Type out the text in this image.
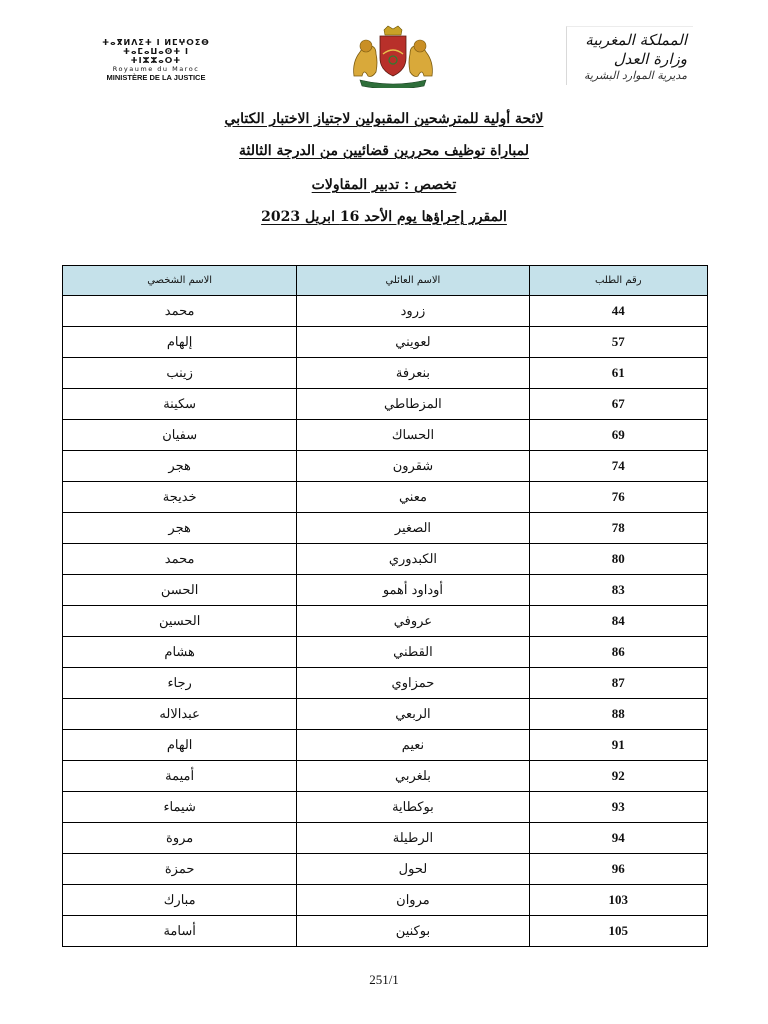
ⵜⴰⴳⵍⴷⵉⵜ ⵏ ⵍⵎⵖⵔⵉⴱ
ⵜⴰⵎⴰⵡⴰⵙⵜ ⵏ ⵜⵏⵣⵣⴰⵔⵜ
Royaume du Maroc
MINISTÈRE DE LA JUSTICE
المملكة المغربية
وزارة العدل
مديرية الموارد البشرية
لائحة أولية للمترشحين المقبولين لاجتياز الاختبار الكتابي
لمباراة توظيف محررين قضائيين من الدرجة الثالثة
تخصص : تدبير المقاولات
المقرر إجراؤها يوم الأحد 16 ابريل 2023
رقم الطلب	الاسم العائلي	الاسم الشخصي
44	زرود	محمد
57	لعويني	إلهام
61	بنعرفة	زينب
67	المزطاطي	سكينة
69	الحساك	سفيان
74	شقرون	هجر
76	معني	خديجة
78	الصغير	هجر
80	الكبدوري	محمد
83	أوداود أهمو	الحسن
84	عروفي	الحسين
86	القطني	هشام
87	حمزاوي	رجاء
88	الربعي	عبدالاله
91	نعيم	الهام
92	بلغربي	أميمة
93	بوكطاية	شيماء
94	الرطيلة	مروة
96	لحول	حمزة
103	مروان	مبارك
105	بوكنين	أسامة
251/1
